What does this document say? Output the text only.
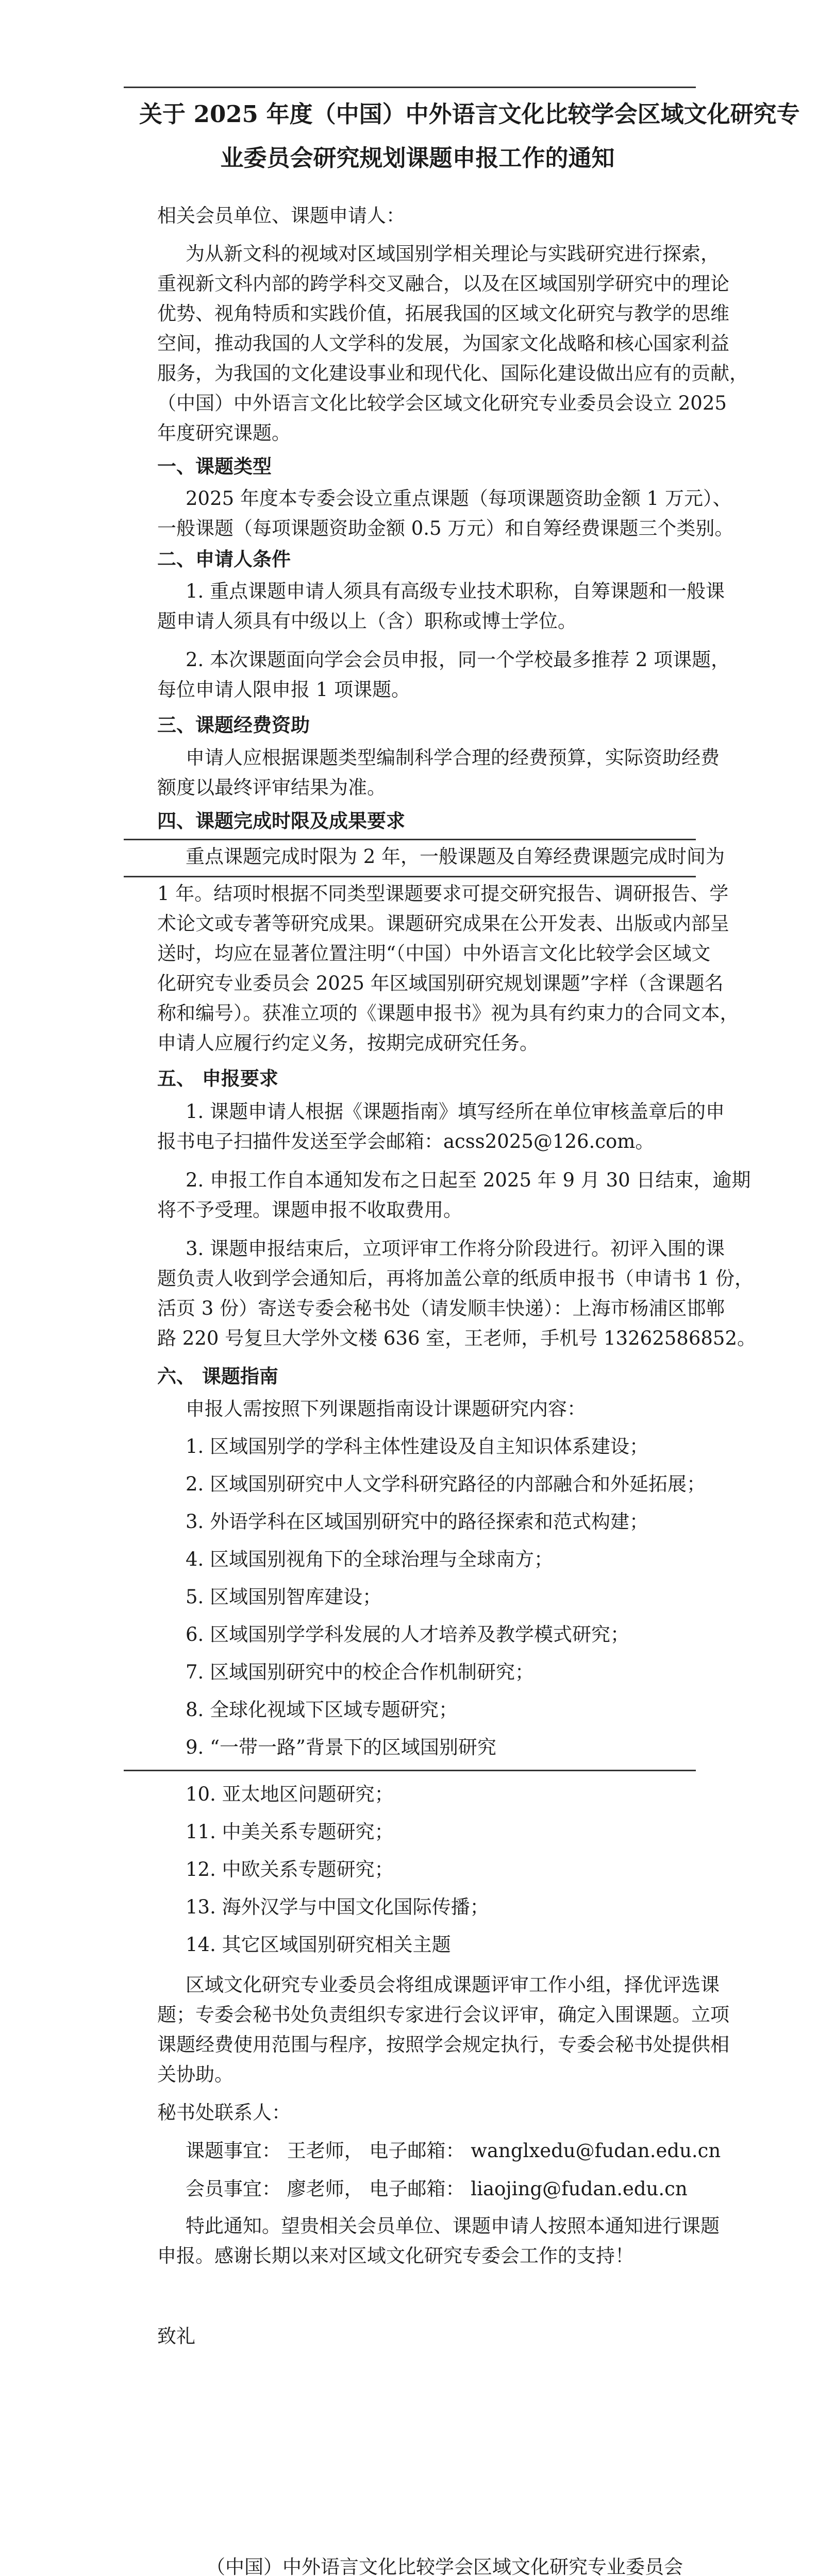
关于 2025 年度（中国）中外语言文化比较学会区域文化研究专
业委员会研究规划课题申报工作的通知
相关会员单位、课题申请人：
为从新文科的视域对区域国别学相关理论与实践研究进行探索，
重视新文科内部的跨学科交叉融合，以及在区域国别学研究中的理论
优势、视角特质和实践价值，拓展我国的区域文化研究与教学的思维
空间，推动我国的人文学科的发展，为国家文化战略和核心国家利益
服务，为我国的文化建设事业和现代化、国际化建设做出应有的贡献，
（中国）中外语言文化比较学会区域文化研究专业委员会设立 2025
年度研究课题。
一、课题类型
2025 年度本专委会设立重点课题（每项课题资助金额 1 万元）、
一般课题（每项课题资助金额 0.5 万元）和自筹经费课题三个类别。
二、申请人条件
1. 重点课题申请人须具有高级专业技术职称，自筹课题和一般课
题申请人须具有中级以上（含）职称或博士学位。
2. 本次课题面向学会会员申报，同一个学校最多推荐 2 项课题，
每位申请人限申报 1 项课题。
三、课题经费资助
申请人应根据课题类型编制科学合理的经费预算，实际资助经费
额度以最终评审结果为准。
四、课题完成时限及成果要求
重点课题完成时限为 2 年，一般课题及自筹经费课题完成时间为
1 年。结项时根据不同类型课题要求可提交研究报告、调研报告、学
术论文或专著等研究成果。课题研究成果在公开发表、出版或内部呈
送时，均应在显著位置注明“（中国）中外语言文化比较学会区域文
化研究专业委员会 2025 年区域国别研究规划课题”字样（含课题名
称和编号）。获准立项的《课题申报书》视为具有约束力的合同文本，
申请人应履行约定义务，按期完成研究任务。
五、 申报要求
1. 课题申请人根据《课题指南》填写经所在单位审核盖章后的申
报书电子扫描件发送至学会邮箱：acss2025@126.com。
2. 申报工作自本通知发布之日起至 2025 年 9 月 30 日结束，逾期
将不予受理。课题申报不收取费用。
3. 课题申报结束后，立项评审工作将分阶段进行。初评入围的课
题负责人收到学会通知后，再将加盖公章的纸质申报书（申请书 1 份，
活页 3 份）寄送专委会秘书处（请发顺丰快递）：上海市杨浦区邯郸
路 220 号复旦大学外文楼 636 室，王老师，手机号 13262586852。
六、 课题指南
申报人需按照下列课题指南设计课题研究内容：
1. 区域国别学的学科主体性建设及自主知识体系建设；
2. 区域国别研究中人文学科研究路径的内部融合和外延拓展；
3. 外语学科在区域国别研究中的路径探索和范式构建；
4. 区域国别视角下的全球治理与全球南方；
5. 区域国别智库建设；
6. 区域国别学学科发展的人才培养及教学模式研究；
7. 区域国别研究中的校企合作机制研究；
8. 全球化视域下区域专题研究；
9. “一带一路”背景下的区域国别研究
10. 亚太地区问题研究；
11. 中美关系专题研究；
12. 中欧关系专题研究；
13. 海外汉学与中国文化国际传播；
14. 其它区域国别研究相关主题
区域文化研究专业委员会将组成课题评审工作小组，择优评选课
题；专委会秘书处负责组织专家进行会议评审，确定入围课题。立项
课题经费使用范围与程序，按照学会规定执行，专委会秘书处提供相
关协助。
秘书处联系人：
课题事宜： 王老师， 电子邮箱： wanglxedu@fudan.edu.cn
会员事宜： 廖老师， 电子邮箱： liaojing@fudan.edu.cn
特此通知。望贵相关会员单位、课题申请人按照本通知进行课题
申报。感谢长期以来对区域文化研究专委会工作的支持！
致礼
（中国）中外语言文化比较学会区域文化研究专业委员会
